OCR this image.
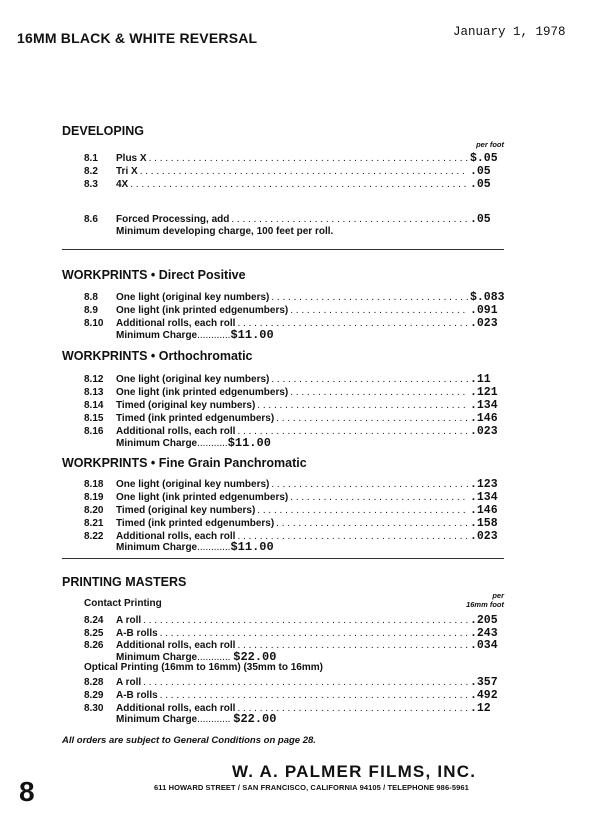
16MM BLACK & WHITE REVERSAL	January 1, 1978
DEVELOPING
per foot
8.1	Plus X . . .	$.05
8.2	Tri X . . .	.05
8.3	4X . . .	.05
8.6	Forced Processing, add . . .	.05
Minimum developing charge, 100 feet per roll.
WORKPRINTS • Direct Positive
8.8	One light (original key numbers) . . .	$.083
8.9	One light (ink printed edgenumbers) . . .	.091
8.10	Additional rolls, each roll . . .	.023
Minimum Charge............$11.00
WORKPRINTS • Orthochromatic
8.12	One light (original key numbers) . . .	.11
8.13	One light (ink printed edgenumbers) . . .	.121
8.14	Timed (original key numbers) . . .	.134
8.15	Timed (ink printed edgenumbers) . . .	.146
8.16	Additional rolls, each roll . . .	.023
Minimum Charge...........$11.00
WORKPRINTS • Fine Grain Panchromatic
8.18	One light (original key numbers) . . .	.123
8.19	One light (ink printed edgenumbers) . . .	.134
8.20	Timed (original key numbers) . . .	.146
8.21	Timed (ink printed edgenumbers) . . .	.158
8.22	Additional rolls, each roll . . .	.023
Minimum Charge............$11.00
PRINTING MASTERS
per
16mm foot
Contact Printing
8.24	A roll . . .	.205
8.25	A-B rolls . . .	.243
8.26	Additional rolls, each roll . . .	.034
Minimum Charge............ $22.00
Optical Printing (16mm to 16mm) (35mm to 16mm)
8.28	A roll . . .	.357
8.29	A-B rolls . . .	.492
8.30	Additional rolls, each roll . . .	.12
Minimum Charge............ $22.00
All orders are subject to General Conditions on page 28.
8
W. A. PALMER FILMS, INC.
611 HOWARD STREET / SAN FRANCISCO, CALIFORNIA 94105 / TELEPHONE 986-5961
